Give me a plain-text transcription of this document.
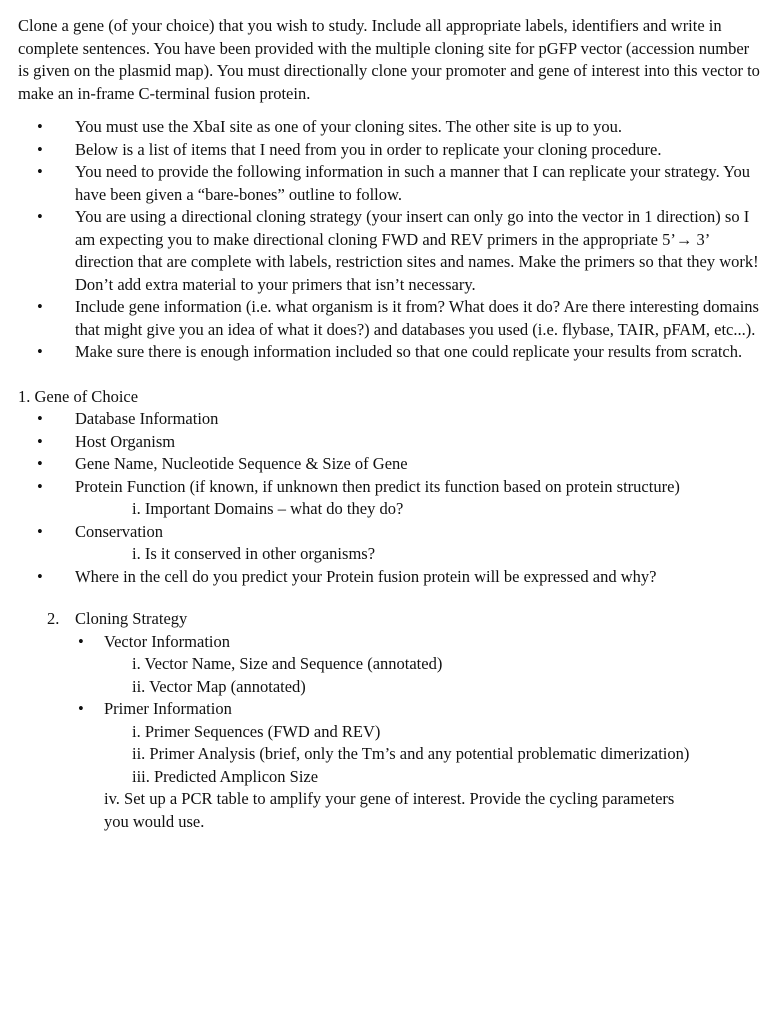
Clone a gene (of your choice) that you wish to study. Include all appropriate labels, identifiers and write in complete sentences. You have been provided with the multiple cloning site for pGFP vector (accession number is given on the plasmid map). You must directionally clone your promoter and gene of interest into this vector to make an in-frame C-terminal fusion protein.

• You must use the XbaI site as one of your cloning sites. The other site is up to you.
• Below is a list of items that I need from you in order to replicate your cloning procedure.
• You need to provide the following information in such a manner that I can replicate your strategy. You have been given a “bare-bones” outline to follow.
• You are using a directional cloning strategy (your insert can only go into the vector in 1 direction) so I am expecting you to make directional cloning FWD and REV primers in the appropriate 5’→ 3’ direction that are complete with labels, restriction sites and names. Make the primers so that they work! Don’t add extra material to your primers that isn’t necessary.
• Include gene information (i.e. what organism is it from? What does it do? Are there interesting domains that might give you an idea of what it does?) and databases you used (i.e. flybase, TAIR, pFAM, etc...).
• Make sure there is enough information included so that one could replicate your results from scratch.
1. Gene of Choice
• Database Information
• Host Organism
• Gene Name, Nucleotide Sequence & Size of Gene
• Protein Function (if known, if unknown then predict its function based on protein structure)
i. Important Domains – what do they do?
• Conservation
i. Is it conserved in other organisms?
• Where in the cell do you predict your Protein fusion protein will be expressed and why?
2. Cloning Strategy
• Vector Information
i. Vector Name, Size and Sequence (annotated)
ii. Vector Map (annotated)
• Primer Information
i. Primer Sequences (FWD and REV)
ii. Primer Analysis (brief, only the Tm’s and any potential problematic dimerization)
iii. Predicted Amplicon Size
iv. Set up a PCR table to amplify your gene of interest. Provide the cycling parameters you would use.
